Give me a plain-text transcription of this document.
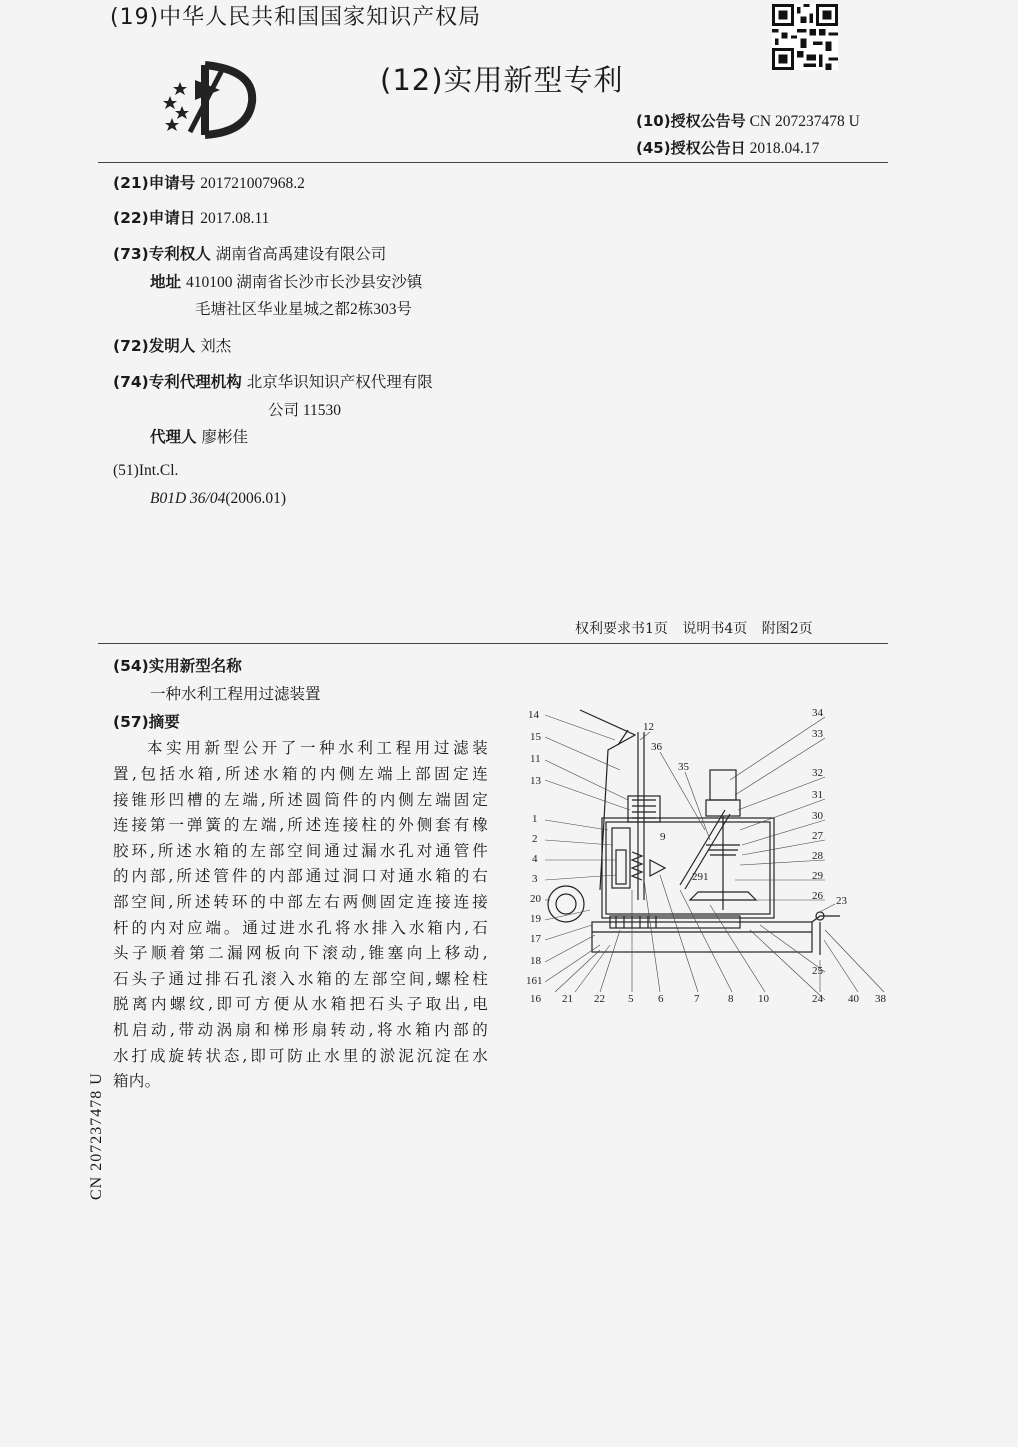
(19)中华人民共和国国家知识产权局
(12)实用新型专利
(10)授权公告号 CN 207237478 U
(45)授权公告日 2018.04.17
(21)申请号 201721007968.2
(22)申请日 2017.08.11
(73)专利权人 湖南省高禹建设有限公司
地址 410100 湖南省长沙市长沙县安沙镇
毛塘社区华业星城之都2栋303号
(72)发明人 刘杰
(74)专利代理机构 北京华识知识产权代理有限
公司 11530
代理人 廖彬佳
(51)Int.Cl.
B01D 36/04(2006.01)
权利要求书1页 说明书4页 附图2页
(54)实用新型名称
一种水利工程用过滤装置
(57)摘要
本实用新型公开了一种水利工程用过滤装
置,包括水箱,所述水箱的内侧左端上部固定连
接锥形凹槽的左端,所述圆筒件的内侧左端固定
连接第一弹簧的左端,所述连接柱的外侧套有橡
胶环,所述水箱的左部空间通过漏水孔对通管件
的内部,所述管件的内部通过洞口对通水箱的右
部空间,所述转环的中部左右两侧固定连接连接
杆的内对应端。通过进水孔将水排入水箱内,石
头子顺着第二漏网板向下滚动,锥塞向上移动,
石头子通过排石孔滚入水箱的左部空间,螺栓柱
脱离内螺纹,即可方便从水箱把石头子取出,电
机启动,带动涡扇和梯形扇转动,将水箱内部的
水打成旋转状态,即可防止水里的淤泥沉淀在水
箱内。
CN 207237478 U
14
15
11
13
1
2
4
3
20
19
17
18
161
12
36
35
34
33
32
31
30
27
28
29
26 23
25
9
291
16 21 22 5 6	7	8 10	24 40 38
